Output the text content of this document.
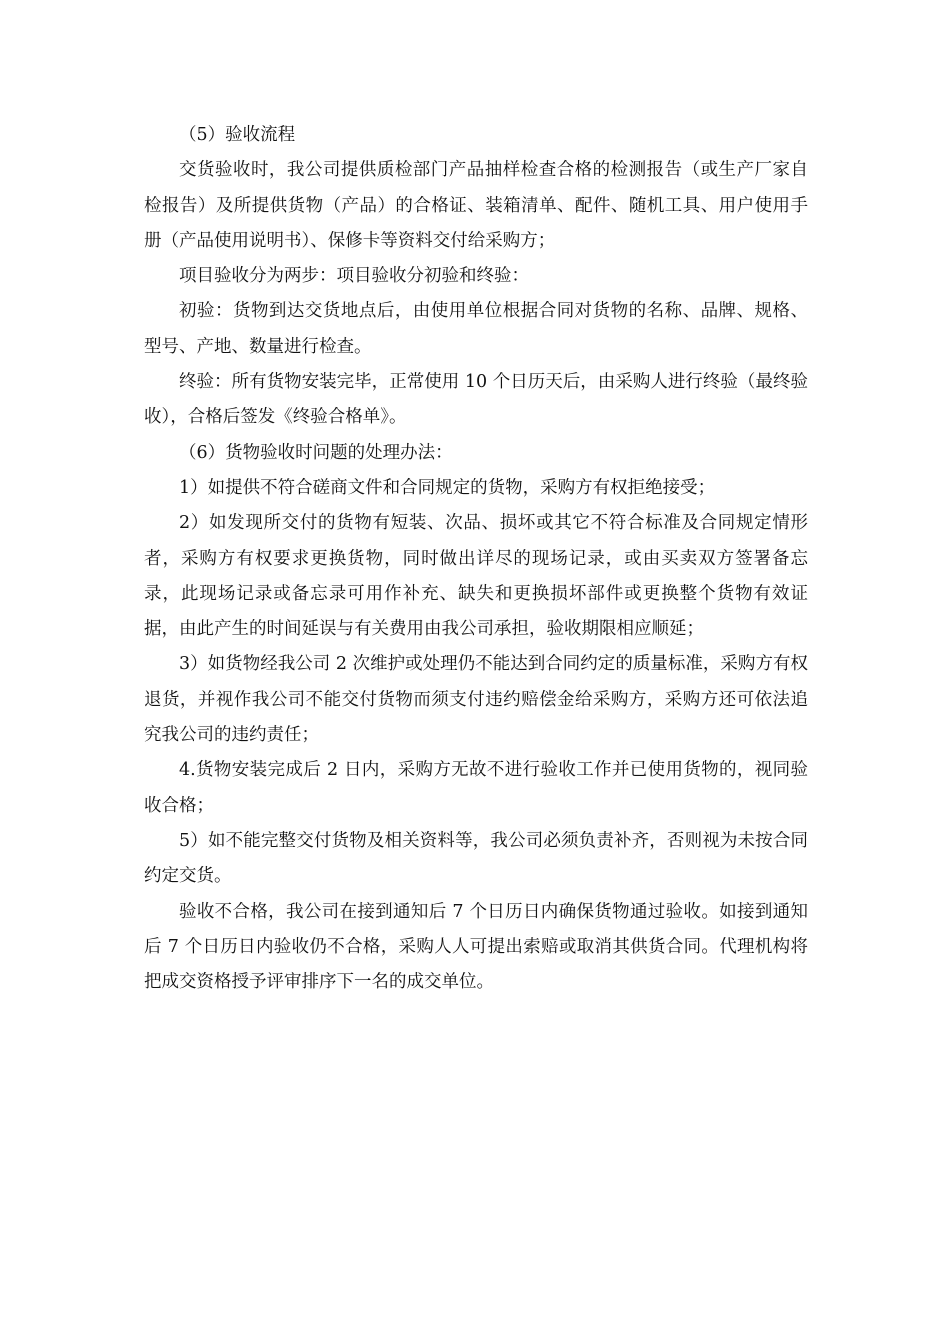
（5）验收流程

交货验收时，我公司提供质检部门产品抽样检查合格的检测报告（或生产厂家自检报告）及所提供货物（产品）的合格证、装箱清单、配件、随机工具、用户使用手册（产品使用说明书）、保修卡等资料交付给采购方；

项目验收分为两步：项目验收分初验和终验：

初验：货物到达交货地点后，由使用单位根据合同对货物的名称、品牌、规格、型号、产地、数量进行检查。

终验：所有货物安装完毕，正常使用 10 个日历天后，由采购人进行终验（最终验收），合格后签发《终验合格单》。

（6）货物验收时问题的处理办法：

1）如提供不符合磋商文件和合同规定的货物，采购方有权拒绝接受；

2）如发现所交付的货物有短装、次品、损坏或其它不符合标准及合同规定情形者，采购方有权要求更换货物，同时做出详尽的现场记录，或由买卖双方签署备忘录，此现场记录或备忘录可用作补充、缺失和更换损坏部件或更换整个货物有效证据，由此产生的时间延误与有关费用由我公司承担，验收期限相应顺延；

3）如货物经我公司 2 次维护或处理仍不能达到合同约定的质量标准，采购方有权退货，并视作我公司不能交付货物而须支付违约赔偿金给采购方，采购方还可依法追究我公司的违约责任；

4.货物安装完成后 2 日内，采购方无故不进行验收工作并已使用货物的，视同验收合格；

5）如不能完整交付货物及相关资料等，我公司必须负责补齐，否则视为未按合同约定交货。

验收不合格，我公司在接到通知后 7 个日历日内确保货物通过验收。如接到通知后 7 个日历日内验收仍不合格，采购人人可提出索赔或取消其供货合同。代理机构将把成交资格授予评审排序下一名的成交单位。
